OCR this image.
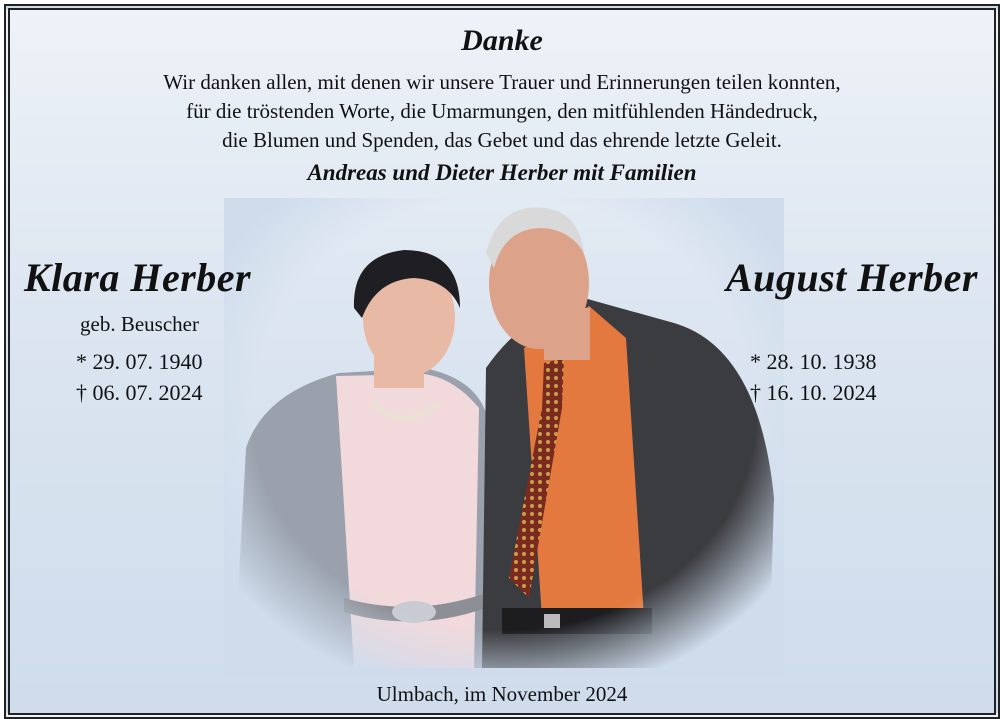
Danke
Wir danken allen, mit denen wir unsere Trauer und Erinnerungen teilen konnten,
für die tröstenden Worte, die Umarmungen, den mitfühlenden Händedruck,
die Blumen und Spenden, das Gebet und das ehrende letzte Geleit.
Andreas und Dieter Herber mit Familien
Klara Herber
geb. Beuscher
* 29. 07. 1940
† 06. 07. 2024
August Herber
* 28. 10. 1938
† 16. 10. 2024
Ulmbach, im November 2024
